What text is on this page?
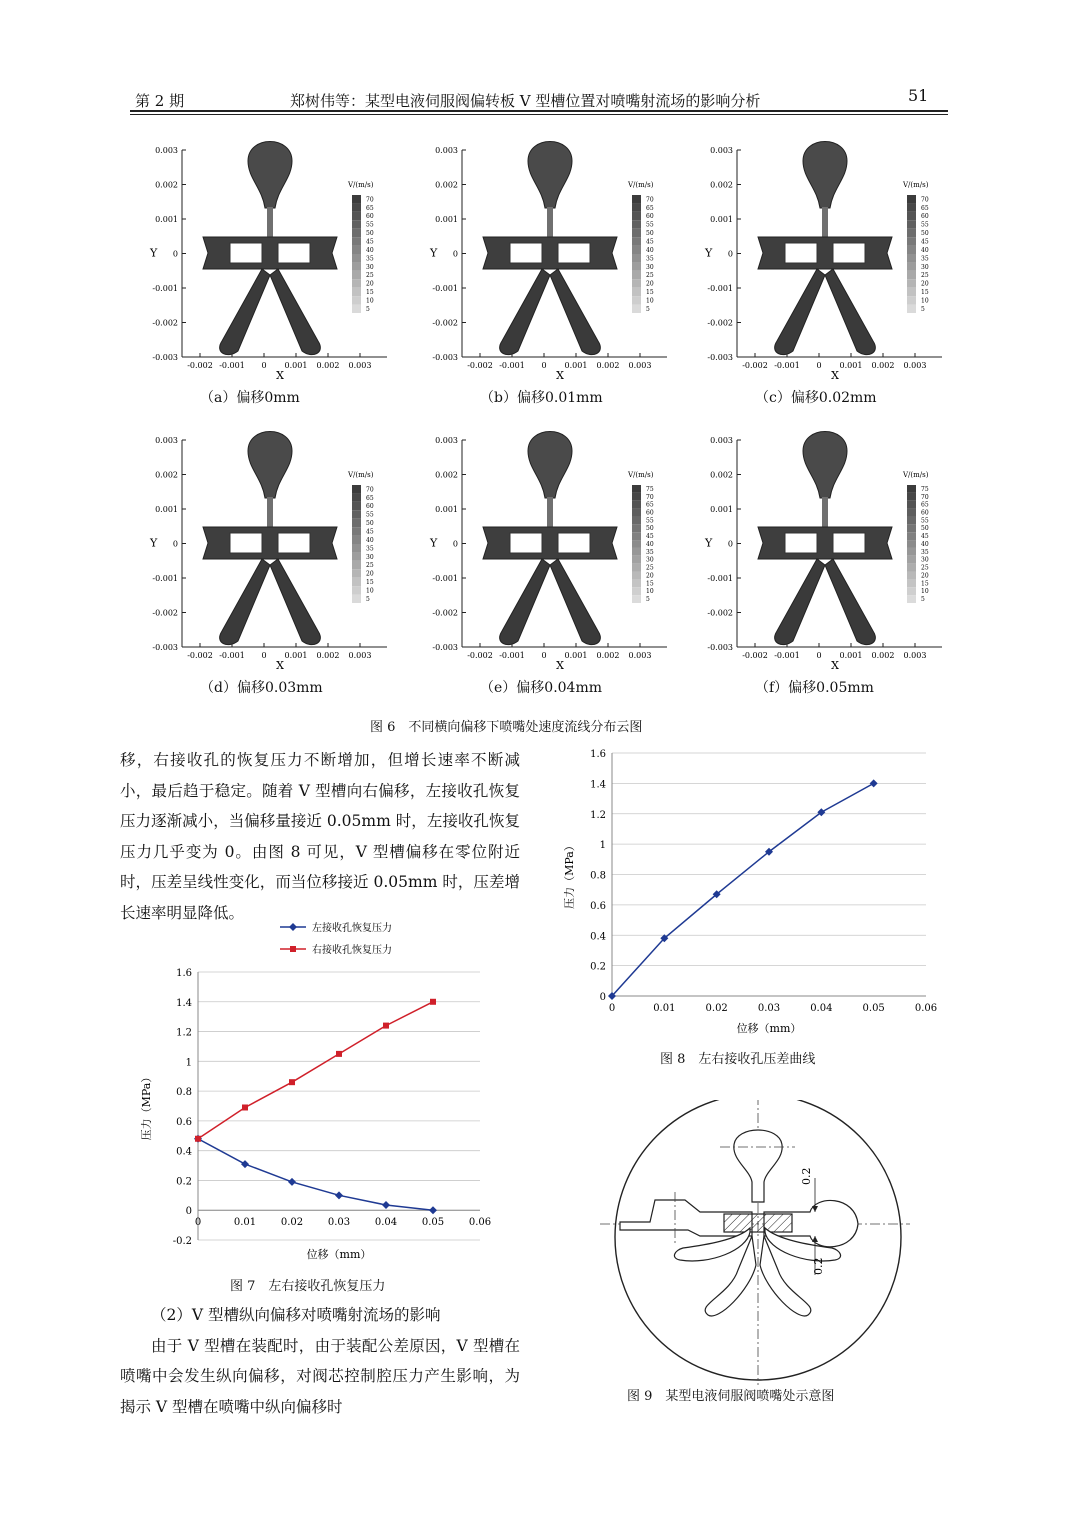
第 2 期	郑树伟等：某型电液伺服阀偏转板 V 型槽位置对喷嘴射流场的影响分析	51
0.003
0.002
0.001
0
-0.001
-0.002
-0.003
-0.002 -0.001 0 0.001 0.002 0.003
Y
X
V/(m/s)
70
65
60
55
50
45
40
35
30
25
20
15
10
5
（a）偏移0mm
0.003
0.002
0.001
0
-0.001
-0.002
-0.003
-0.002 -0.001 0 0.001 0.002 0.003
Y
X
V/(m/s)
70
65
60
55
50
45
40
35
30
25
20
15
10
5
（b）偏移0.01mm
0.003
0.002
0.001
0
-0.001
-0.002
-0.003
-0.002 -0.001 0 0.001 0.002 0.003
Y
X
V/(m/s)
70
65
60
55
50
45
40
35
30
25
20
15
10
5
（c）偏移0.02mm
0.003
0.002
0.001
0
-0.001
-0.002
-0.003
-0.002 -0.001 0 0.001 0.002 0.003
Y
X
V/(m/s)
70
65
60
55
50
45
40
35
30
25
20
15
10
5
（d）偏移0.03mm
0.003
0.002
0.001
0
-0.001
-0.002
-0.003
-0.002 -0.001 0 0.001 0.002 0.003
Y
X
V/(m/s)
75
70
65
60
55
50
45
40
35
30
25
20
15
10
5
（e）偏移0.04mm
0.003
0.002
0.001
0
-0.001
-0.002
-0.003
-0.002 -0.001 0 0.001 0.002 0.003
Y
X
V/(m/s)
75
70
65
60
55
50
45
40
35
30
25
20
15
10
5
（f）偏移0.05mm
图 6　不同横向偏移下喷嘴处速度流线分布云图

移，右接收孔的恢复压力不断增加，但增长速率不断减小，最后趋于稳定。随着 V 型槽向右偏移，左接收孔恢复压力逐渐减小，当偏移量接近 0.05mm 时，左接收孔恢复压力几乎变为 0。由图 8 可见，V 型槽偏移在零位附近时，压差呈线性变化，而当位移接近 0.05mm 时，压差增长速率明显降低。

1.6
1.4
1.2
1
0.8
0.6
0.4
0.2
0
-0.2
0	0.01 0.02 0.03 0.04 0.05 0.06
位移（mm）
压力（MPa）
左接收孔恢复压力
右接收孔恢复压力
图 7　左右接收孔恢复压力

（2）V 型槽纵向偏移对喷嘴射流场的影响

由于 V 型槽在装配时，由于装配公差原因，V 型槽在喷嘴中会发生纵向偏移，对阀芯控制腔压力产生影响，为揭示 V 型槽在喷嘴中纵向偏移时

1.6
1.4
1.2
1
0.8
0.6
0.4
0.2
0
0	0.01	0.02	0.03	0.04	0.05	0.06
位移（mm）
压力（MPa）
图 8　左右接收孔压差曲线
0.2
0.2
图 9　某型电液伺服阀喷嘴处示意图
